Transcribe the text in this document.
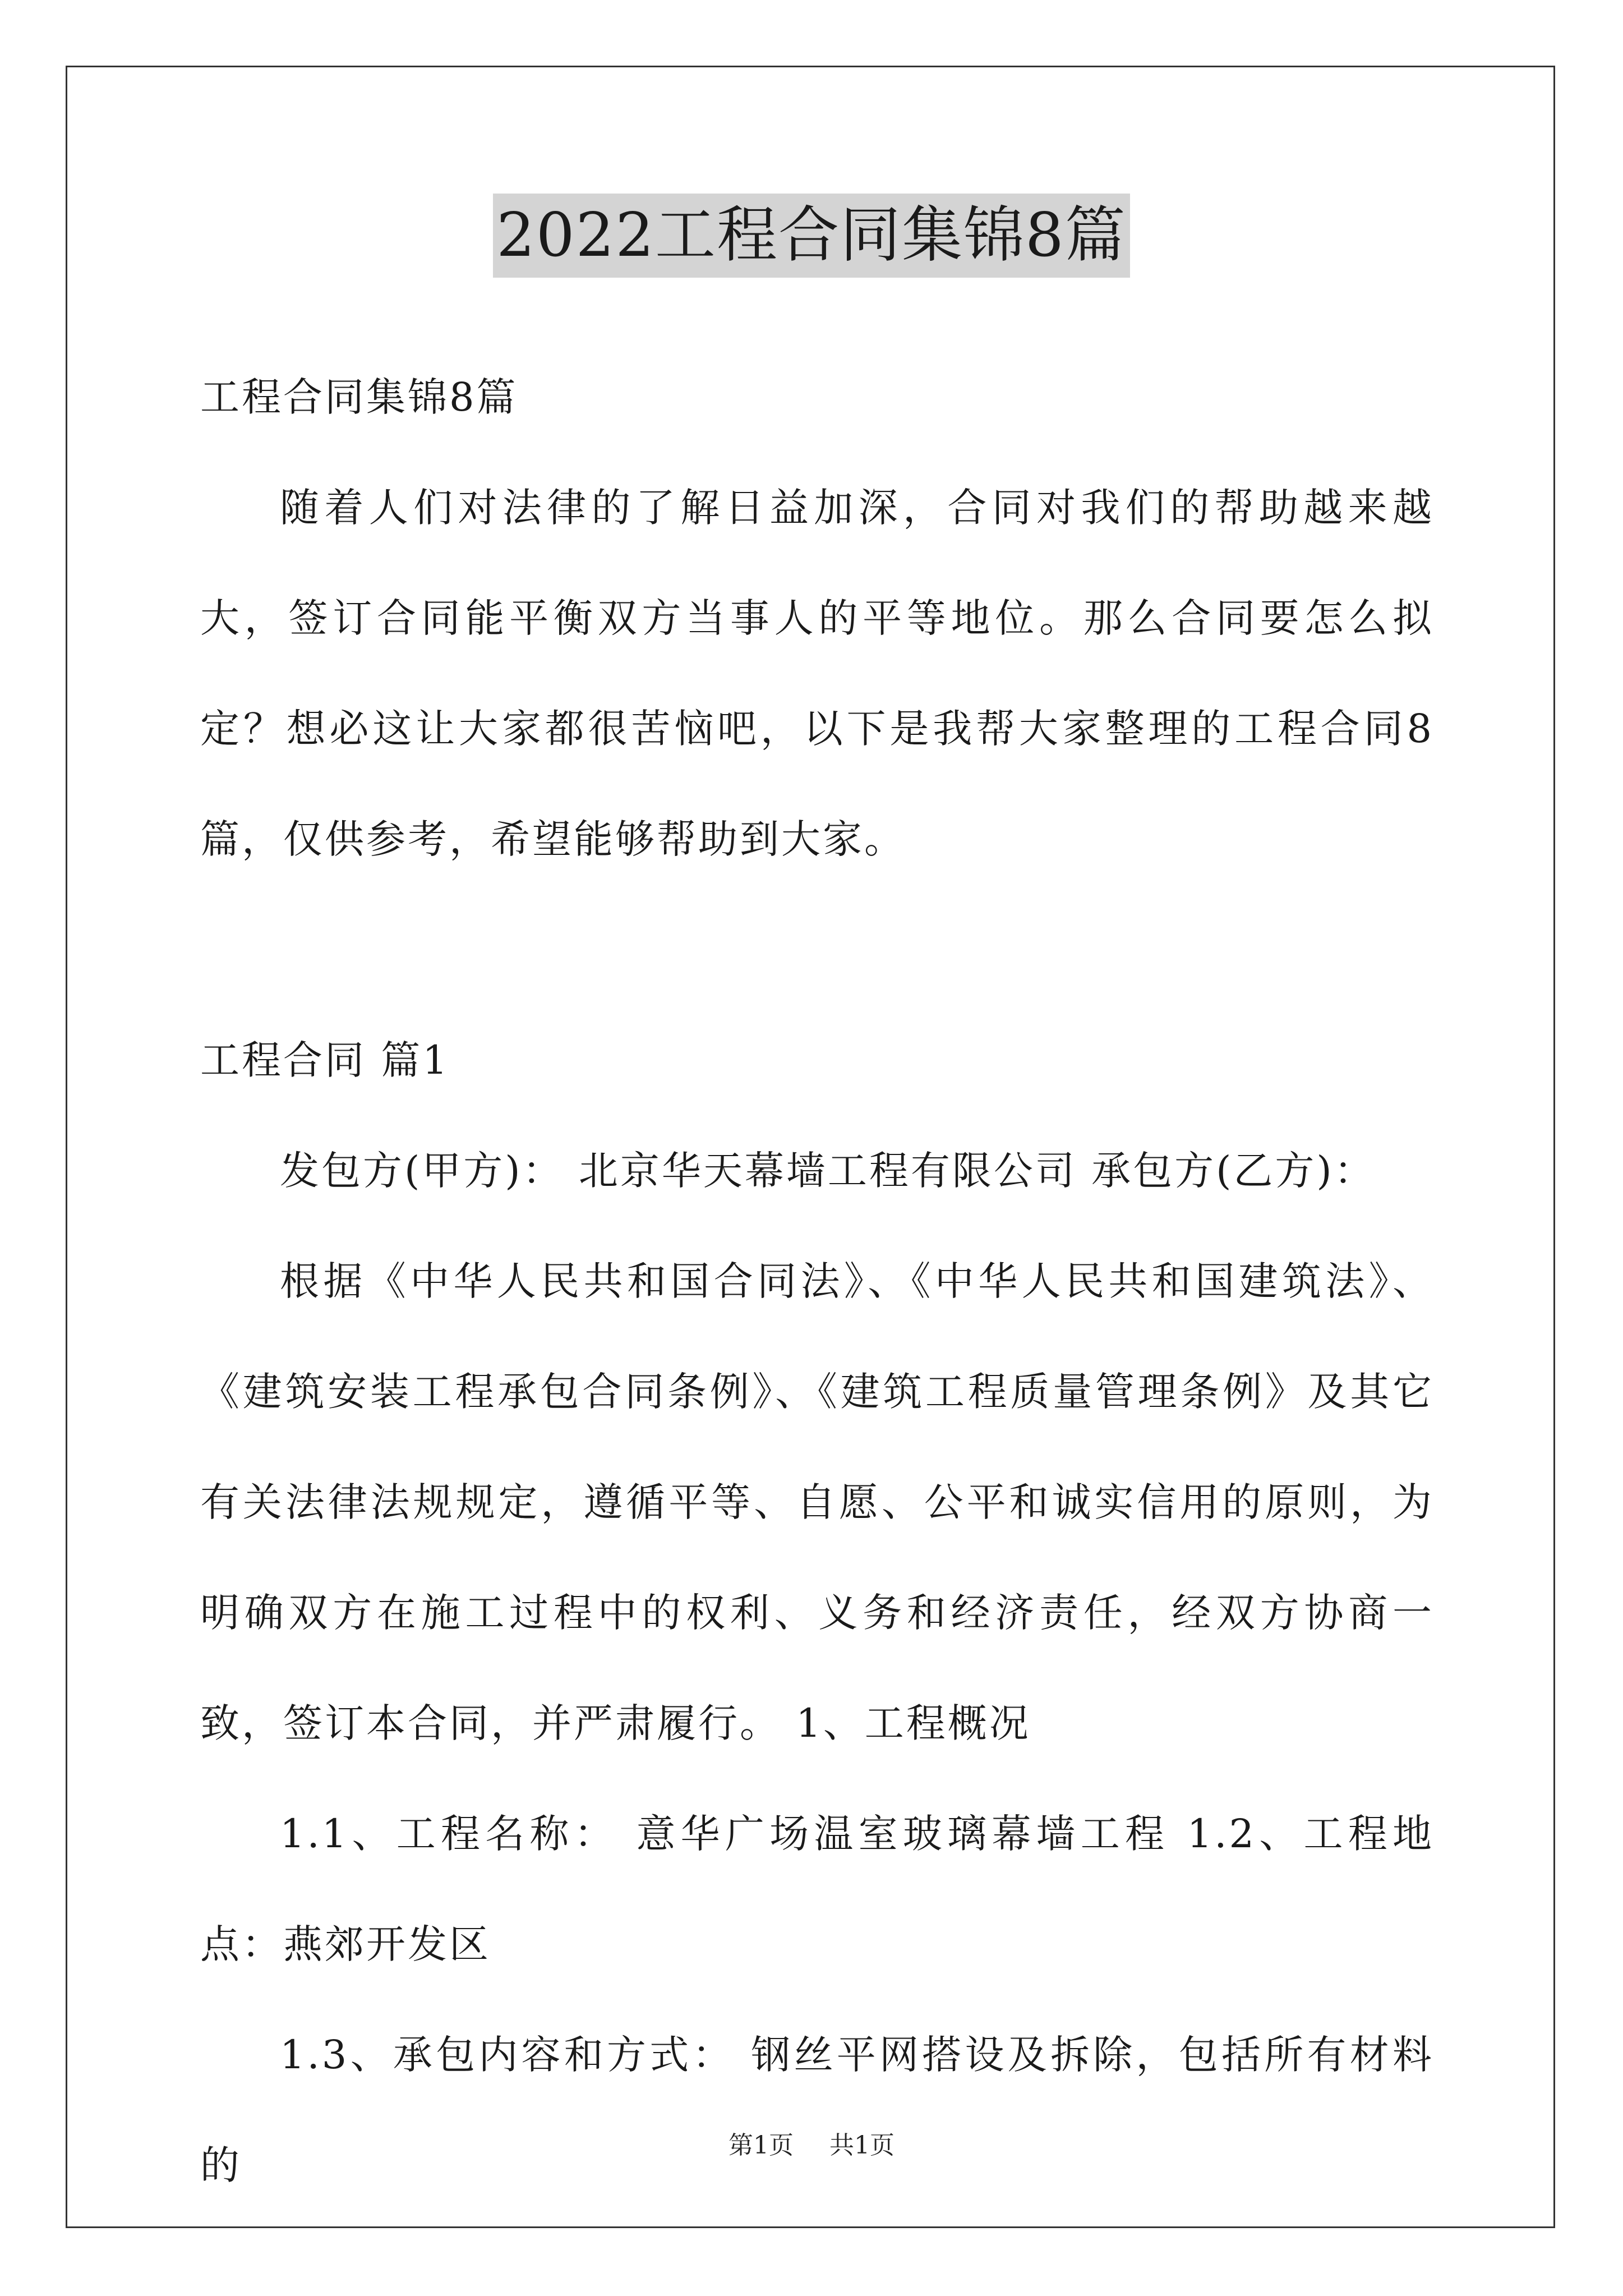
2022工程合同集锦8篇

工程合同集锦8篇

随着人们对法律的了解日益加深，合同对我们的帮助越来越大，签订合同能平衡双方当事人的平等地位。那么合同要怎么拟定？想必这让大家都很苦恼吧，以下是我帮大家整理的工程合同8篇，仅供参考，希望能够帮助到大家。

工程合同 篇1

发包方(甲方)： 北京华天幕墙工程有限公司 承包方(乙方)：

根据《中华人民共和国合同法》、《中华人民共和国建筑法》、《建筑安装工程承包合同条例》、《建筑工程质量管理条例》及其它有关法律法规规定，遵循平等、自愿、公平和诚实信用的原则，为明确双方在施工过程中的权利、义务和经济责任，经双方协商一致，签订本合同，并严肃履行。 1、工程概况

1.1、工程名称： 意华广场温室玻璃幕墙工程 1.2、工程地点：燕郊开发区

1.3、承包内容和方式： 钢丝平网搭设及拆除，包括所有材料的	第1页 共1页
